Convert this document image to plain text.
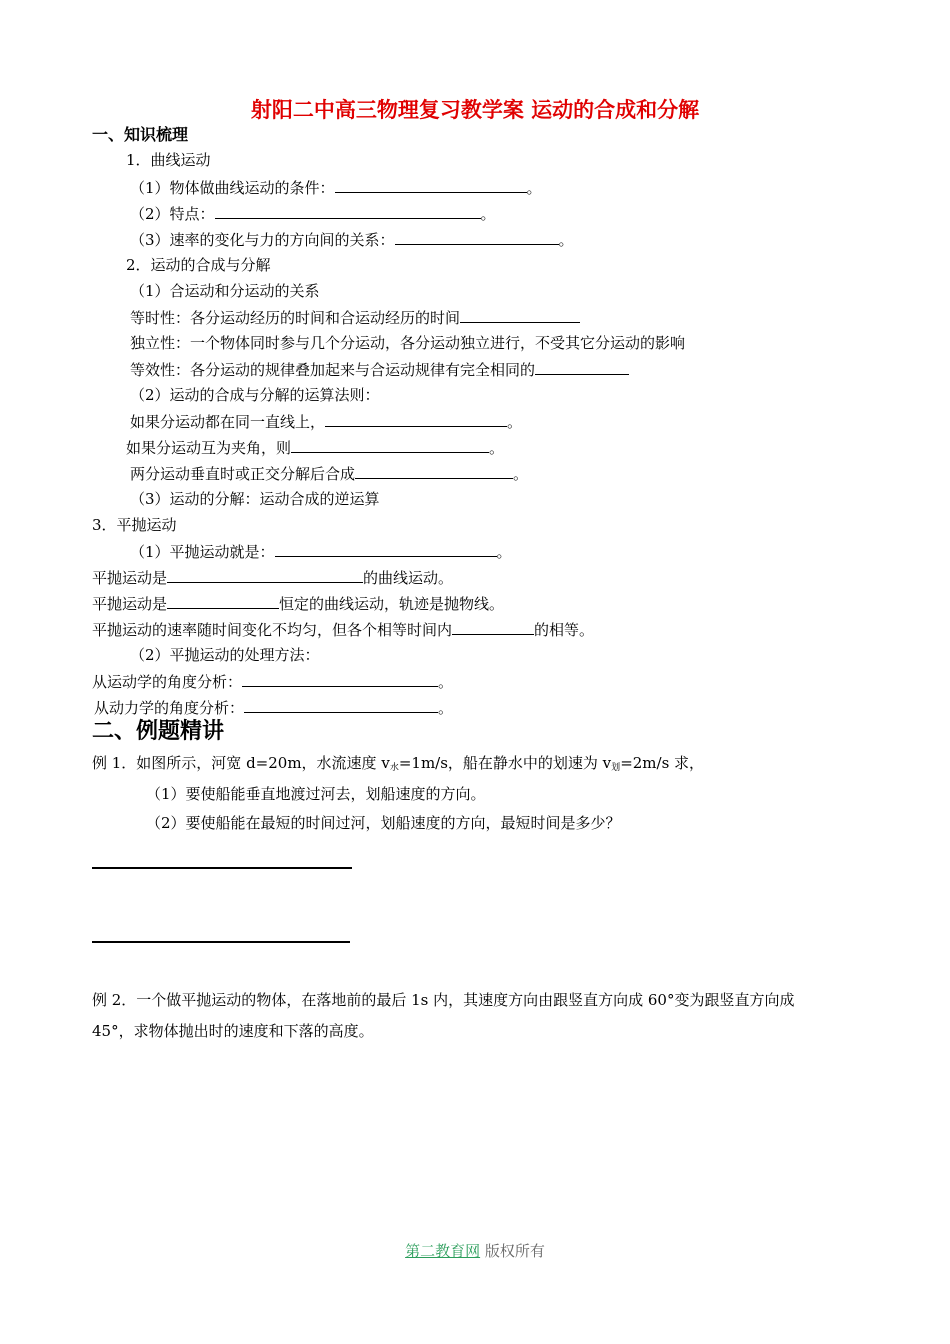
射阳二中高三物理复习教学案 运动的合成和分解
一、知识梳理
1．曲线运动
（1）物体做曲线运动的条件：	。
（2）特点：	。
（3）速率的变化与力的方向间的关系：	。
2．运动的合成与分解
（1）合运动和分运动的关系
等时性：各分运动经历的时间和合运动经历的时间
独立性：一个物体同时参与几个分运动，各分运动独立进行，不受其它分运动的影响
等效性：各分运动的规律叠加起来与合运动规律有完全相同的
（2）运动的合成与分解的运算法则：
如果分运动都在同一直线上，	。
如果分运动互为夹角，则	。
两分运动垂直时或正交分解后合成	。
（3）运动的分解：运动合成的逆运算
3．平抛运动
（1）平抛运动就是：	。
平抛运动是	的曲线运动。
平抛运动是	恒定的曲线运动，轨迹是抛物线。
平抛运动的速率随时间变化不均匀，但各个相等时间内	的相等。
（2）平抛运动的处理方法：
从运动学的角度分析：	。
从动力学的角度分析：	。
二、例题精讲
例 1．如图所示，河宽 d=20m，水流速度 $v_水=1m/s$，船在静水中的划速为 $v_划=2m/s$ 求，
（1）要使船能垂直地渡过河去，划船速度的方向。
（2）要使船能在最短的时间过河，划船速度的方向，最短时间是多少？
例 2．一个做平抛运动的物体，在落地前的最后 1s 内，其速度方向由跟竖直方向成 60°变为跟竖直方向成
45°，求物体抛出时的速度和下落的高度。
第二教育网 版权所有
